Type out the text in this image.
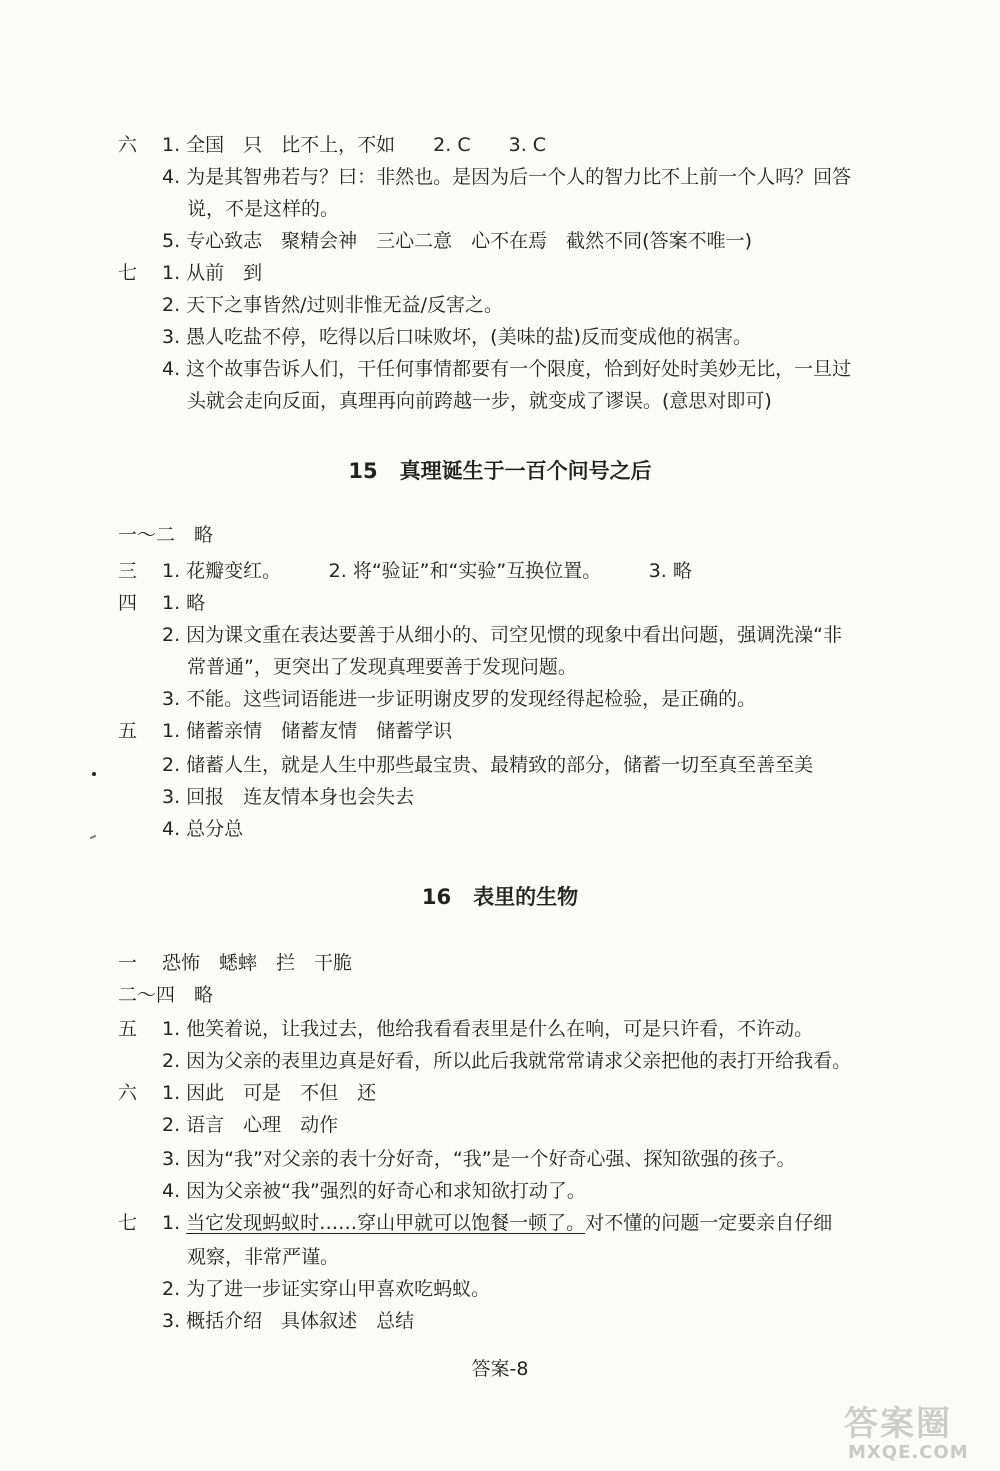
六 1. 全国　只　比不上，不如　　2. C　　3. C
4. 为是其智弗若与？曰：非然也。是因为后一个人的智力比不上前一个人吗？回答
说，不是这样的。
5. 专心致志　聚精会神　三心二意　心不在焉　截然不同(答案不唯一)
七 1. 从前　到
2. 天下之事皆然/过则非惟无益/反害之。
3. 愚人吃盐不停，吃得以后口味败坏，(美味的盐)反而变成他的祸害。
4. 这个故事告诉人们，干任何事情都要有一个限度，恰到好处时美妙无比，一旦过
头就会走向反面，真理再向前跨越一步，就变成了谬误。(意思对即可)
一～二　略
三 1. 花瓣变红。　　　2. 将“验证”和“实验”互换位置。　　　3. 略
四 1. 略
2. 因为课文重在表达要善于从细小的、司空见惯的现象中看出问题，强调洗澡“非
常普通”，更突出了发现真理要善于发现问题。
3. 不能。这些词语能进一步证明谢皮罗的发现经得起检验，是正确的。
五 1. 储蓄亲情　储蓄友情　储蓄学识
2. 储蓄人生，就是人生中那些最宝贵、最精致的部分，储蓄一切至真至善至美
3. 回报　连友情本身也会失去
4. 总分总
一 恐怖　蟋蟀　拦　干脆
二～四　略
五 1. 他笑着说，让我过去，他给我看看表里是什么在响，可是只许看，不许动。
2. 因为父亲的表里边真是好看，所以此后我就常常请求父亲把他的表打开给我看。
六 1. 因此　可是　不但　还
2. 语言　心理　动作
3. 因为“我”对父亲的表十分好奇，“我”是一个好奇心强、探知欲强的孩子。
4. 因为父亲被“我”强烈的好奇心和求知欲打动了。
观察，非常严谨。
2. 为了进一步证实穿山甲喜欢吃蚂蚁。
3. 概括介绍　具体叙述　总结
15 真理诞生于一百个问号之后
16 表里的生物
七 1. 当它发现蚂蚁时……穿山甲就可以饱餐一顿了。对不懂的问题一定要亲自仔细
答案-8
答案圈
MXQE.COM
